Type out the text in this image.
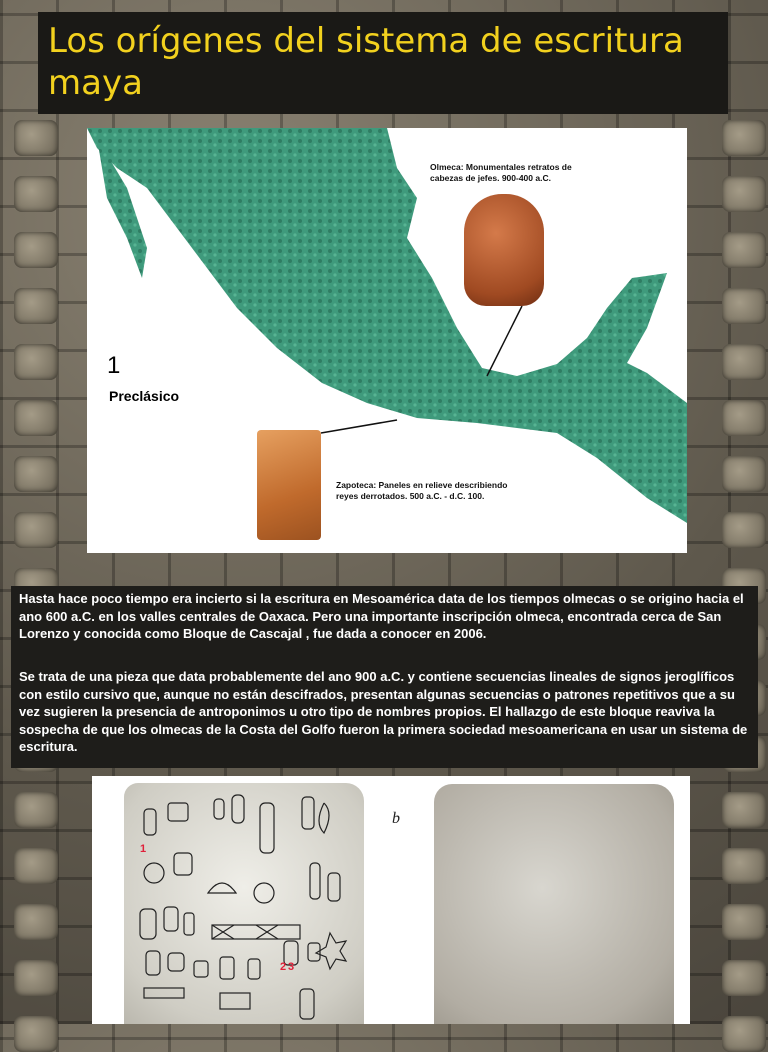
Los orígenes del sistema de escritura maya
1
Preclásico
Olmeca: Monumentales retratos de cabezas de jefes. 900-400 a.C.
Zapoteca: Paneles en relieve describiendo reyes derrotados. 500 a.C. - d.C. 100.

Hasta hace poco tiempo era incierto si la escritura en Mesoamérica data de los tiempos olmecas o se origino hacia el ano 600 a.C. en los valles centrales de Oaxaca. Pero una importante inscripción olmeca, encontrada cerca de San Lorenzo y conocida como Bloque de Cascajal , fue dada a conocer en 2006.

Se trata de una pieza que data probablemente del ano 900 a.C. y contiene secuencias lineales de signos jeroglíficos con estilo cursivo que, aunque no están descifrados, presentan algunas secuencias o patrones repetitivos que a su vez sugieren la presencia de antroponimos u otro tipo de nombres propios. El hallazgo de este bloque reaviva la sospecha de que los olmecas de la Costa del Golfo fueron la primera sociedad mesoamericana en usar un sistema de escritura.

1
2 3
b
